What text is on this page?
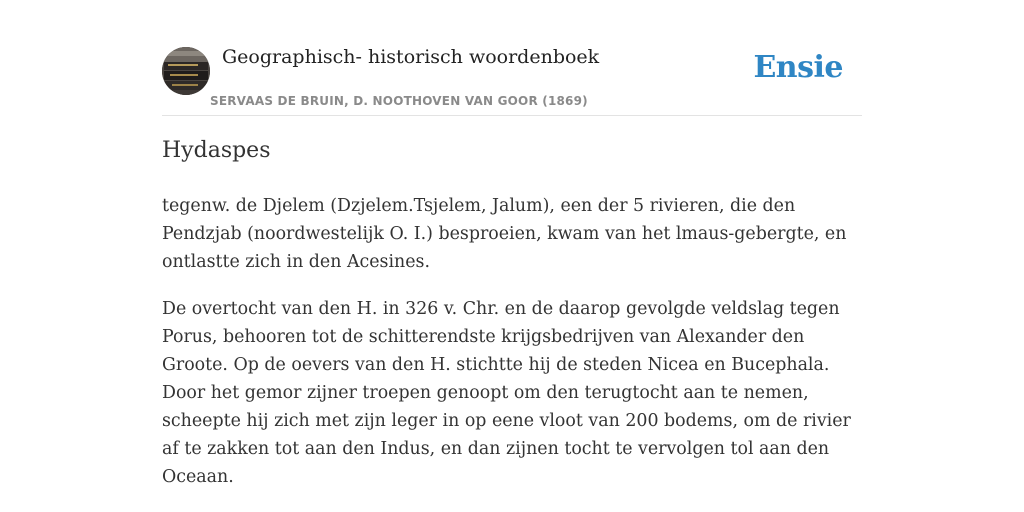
Geographisch- historisch woordenboek
SERVAAS DE BRUIN, D. NOOTHOVEN VAN GOOR (1869)
Ensie
Hydaspes

tegenw. de Djelem (Dzjelem.Tsjelem, Jalum), een der 5 rivieren, die den Pendzjab (noordwestelijk O. I.) besproeien, kwam van het lmaus-gebergte, en ontlastte zich in den Acesines.

De overtocht van den H. in 326 v. Chr. en de daarop gevolgde veldslag tegen Porus, behooren tot de schitterendste krijgsbedrijven van Alexander den Groote. Op de oevers van den H. stichtte hij de steden Nicea en Bucephala. Door het gemor zijner troepen genoopt om den terugtocht aan te nemen, scheepte hij zich met zijn leger in op eene vloot van 200 bodems, om de rivier af te zakken tot aan den Indus, en dan zijnen tocht te vervolgen tol aan den Oceaan.
